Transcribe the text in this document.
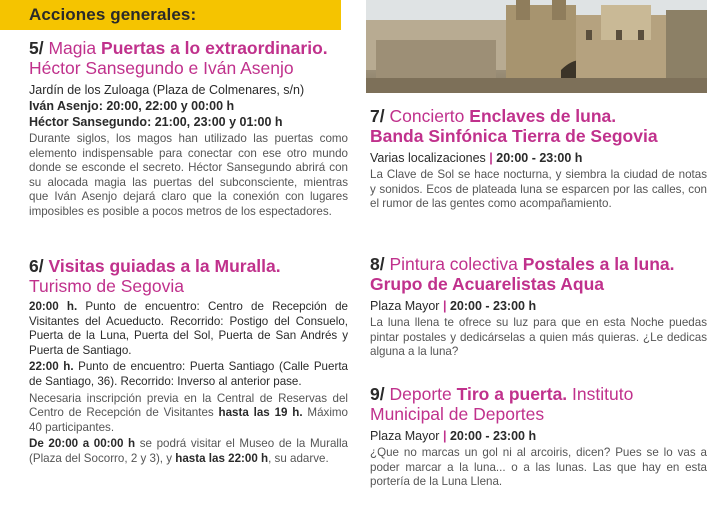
Acciones generales:
5/ Magia Puertas a lo extraordinario.
Héctor Sansegundo e Iván Asenjo
Jardín de los Zuloaga (Plaza de Colmenares, s/n)
Iván Asenjo: 20:00, 22:00 y 00:00 h
Héctor Sansegundo: 21:00, 23:00 y 01:00 h
Durante siglos, los magos han utilizado las puertas como elemento indispensable para conectar con ese otro mundo donde se esconde el secreto. Héctor Sansegundo abrirá con su alocada magia las puertas del subconsciente, mientras que Iván Asenjo dejará claro que la conexión con lugares imposibles es posible a pocos metros de los espectadores.
6/ Visitas guiadas a la Muralla.
Turismo de Segovia
20:00 h. Punto de encuentro: Centro de Recepción de Visitantes del Acueducto. Recorrido: Postigo del Consuelo, Puerta de la Luna, Puerta del Sol, Puerta de San Andrés y Puerta de Santiago.
22:00 h. Punto de encuentro: Puerta Santiago (Calle Puerta de Santiago, 36). Recorrido: Inverso al anterior pase.
Necesaria inscripción previa en la Central de Reservas del Centro de Recepción de Visitantes hasta las 19 h. Máximo 40 participantes.
De 20:00 a 00:00 h se podrá visitar el Museo de la Muralla (Plaza del Socorro, 2 y 3), y hasta las 22:00 h, su adarve.
7/ Concierto Enclaves de luna.
Banda Sinfónica Tierra de Segovia
Varias localizaciones | 20:00 - 23:00 h
La Clave de Sol se hace nocturna, y siembra la ciudad de notas y sonidos. Ecos de plateada luna se esparcen por las calles, con el rumor de las gentes como acompañamiento.
8/ Pintura colectiva Postales a la luna. Grupo de Acuarelistas Aqua
Plaza Mayor | 20:00 - 23:00 h
La luna llena te ofrece su luz para que en esta Noche puedas pintar postales y dedicárselas a quien más quieras. ¿Le dedicas alguna a la luna?
9/ Deporte Tiro a puerta. Instituto Municipal de Deportes
Plaza Mayor | 20:00 - 23:00 h
¿Que no marcas un gol ni al arcoiris, dicen? Pues se lo vas a poder marcar a la luna... o a las lunas. Las que hay en esta portería de la Luna Llena.
